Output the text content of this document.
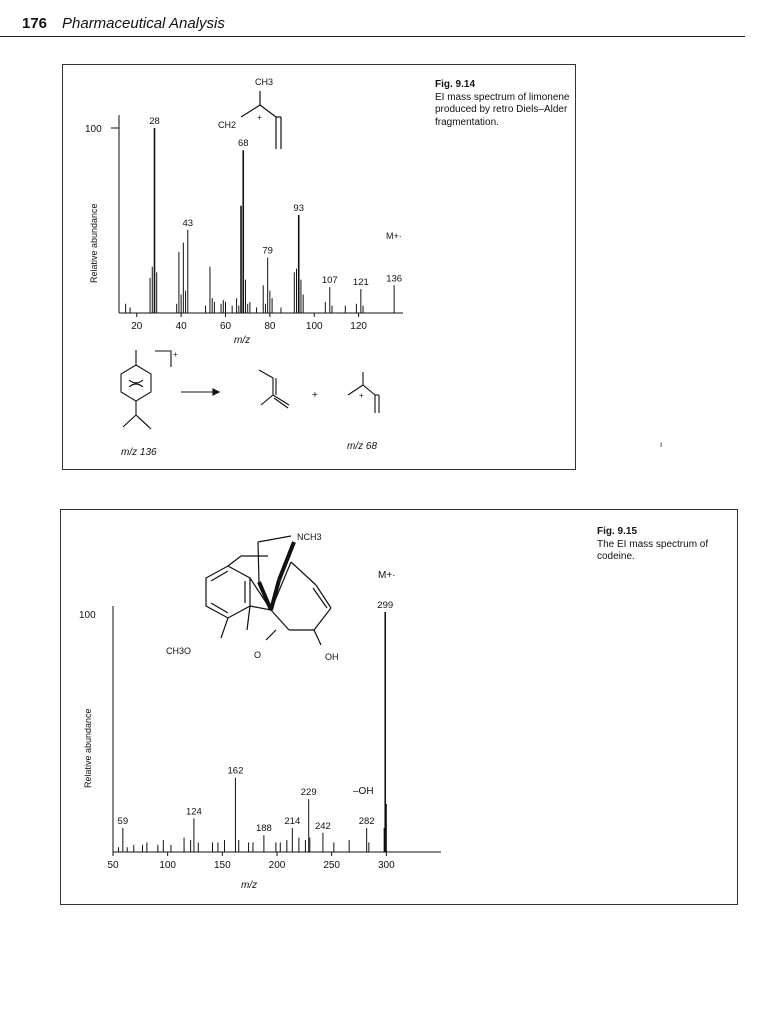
176 Pharmaceutical Analysis
Fig. 9.14
EI mass spectrum of limonene produced by retro Diels–Alder fragmentation.
100
Relative abundance
m/z
M+·
20	40	60	80	100	120
28
43
68
79
93
107 121 136
CH3
CH2
+
+
+	+
m/z 136
m/z 68
Fig. 9.15
The EI mass spectrum of codeine.
100
Relative abundance
m/z
M+·
–OH
50	100	150	200	250	300
59
124
162
188
214
229
242	282
299
NCH3
CH3O	O	OH
ı
